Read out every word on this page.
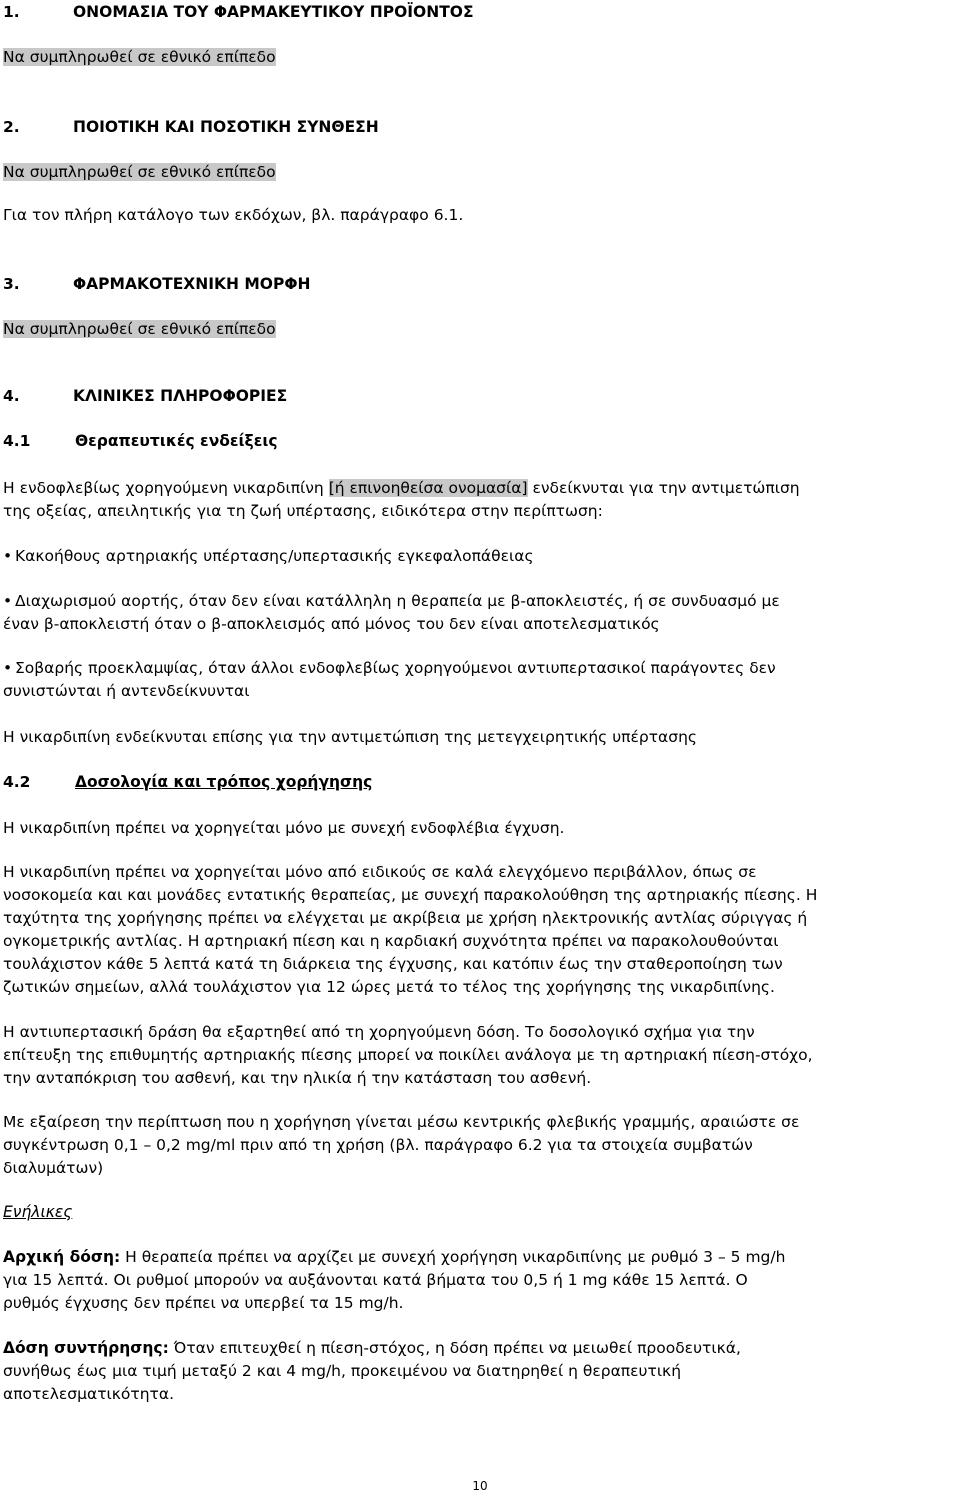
1.	ΟΝΟΜΑΣΙΑ ΤΟΥ ΦΑΡΜΑΚΕΥΤΙΚΟΥ ΠΡΟΪΟΝΤΟΣ
Να συμπληρωθεί σε εθνικό επίπεδο
2.	ΠΟΙΟΤΙΚΗ ΚΑΙ ΠΟΣΟΤΙΚΗ ΣΥΝΘΕΣΗ
Να συμπληρωθεί σε εθνικό επίπεδο
Για τον πλήρη κατάλογο των εκδόχων, βλ. παράγραφο 6.1.
3.	ΦΑΡΜΑΚΟΤΕΧΝΙΚΗ ΜΟΡΦΗ
Να συμπληρωθεί σε εθνικό επίπεδο
4.	ΚΛΙΝΙΚΕΣ ΠΛΗΡΟΦΟΡΙΕΣ
4.1	Θεραπευτικές ενδείξεις
Η ενδοφλεβίως χορηγούμενη νικαρδιπίνη [ή επινοηθείσα ονομασία] ενδείκνυται για την αντιμετώπιση
της οξείας, απειλητικής για τη ζωή υπέρτασης, ειδικότερα στην περίπτωση:
• Κακοήθους αρτηριακής υπέρτασης/υπερτασικής εγκεφαλοπάθειας
• Διαχωρισμού αορτής, όταν δεν είναι κατάλληλη η θεραπεία με β-αποκλειστές, ή σε συνδυασμό με
έναν β-αποκλειστή όταν ο β-αποκλεισμός από μόνος του δεν είναι αποτελεσματικός
• Σοβαρής προεκλαμψίας, όταν άλλοι ενδοφλεβίως χορηγούμενοι αντιυπερτασικοί παράγοντες δεν
συνιστώνται ή αντενδείκνυνται
Η νικαρδιπίνη ενδείκνυται επίσης για την αντιμετώπιση της μετεγχειρητικής υπέρτασης
4.2	Δοσολογία και τρόπος χορήγησης
Η νικαρδιπίνη πρέπει να χορηγείται μόνο με συνεχή ενδοφλέβια έγχυση.
Η νικαρδιπίνη πρέπει να χορηγείται μόνο από ειδικούς σε καλά ελεγχόμενο περιβάλλον, όπως σε
νοσοκομεία και και μονάδες εντατικής θεραπείας, με συνεχή παρακολούθηση της αρτηριακής πίεσης. Η
ταχύτητα της χορήγησης πρέπει να ελέγχεται με ακρίβεια με χρήση ηλεκτρονικής αντλίας σύριγγας ή
ογκομετρικής αντλίας. Η αρτηριακή πίεση και η καρδιακή συχνότητα πρέπει να παρακολουθούνται
τουλάχιστον κάθε 5 λεπτά κατά τη διάρκεια της έγχυσης, και κατόπιν έως την σταθεροποίηση των
ζωτικών σημείων, αλλά τουλάχιστον για 12 ώρες μετά το τέλος της χορήγησης της νικαρδιπίνης.
Η αντιυπερτασική δράση θα εξαρτηθεί από τη χορηγούμενη δόση. Το δοσολογικό σχήμα για την
επίτευξη της επιθυμητής αρτηριακής πίεσης μπορεί να ποικίλει ανάλογα με τη αρτηριακή πίεση-στόχο,
την ανταπόκριση του ασθενή, και την ηλικία ή την κατάσταση του ασθενή.
Με εξαίρεση την περίπτωση που η χορήγηση γίνεται μέσω κεντρικής φλεβικής γραμμής, αραιώστε σε
συγκέντρωση 0,1 – 0,2 mg/ml πριν από τη χρήση (βλ. παράγραφο 6.2 για τα στοιχεία συμβατών
διαλυμάτων)
Ενήλικες
Αρχική δόση: Η θεραπεία πρέπει να αρχίζει με συνεχή χορήγηση νικαρδιπίνης με ρυθμό 3 – 5 mg/h
για 15 λεπτά. Οι ρυθμοί μπορούν να αυξάνονται κατά βήματα του 0,5 ή 1 mg κάθε 15 λεπτά. Ο
ρυθμός έγχυσης δεν πρέπει να υπερβεί τα 15 mg/h.
Δόση συντήρησης: Όταν επιτευχθεί η πίεση-στόχος, η δόση πρέπει να μειωθεί προοδευτικά,
συνήθως έως μια τιμή μεταξύ 2 και 4 mg/h, προκειμένου να διατηρηθεί η θεραπευτική
αποτελεσματικότητα.
10
